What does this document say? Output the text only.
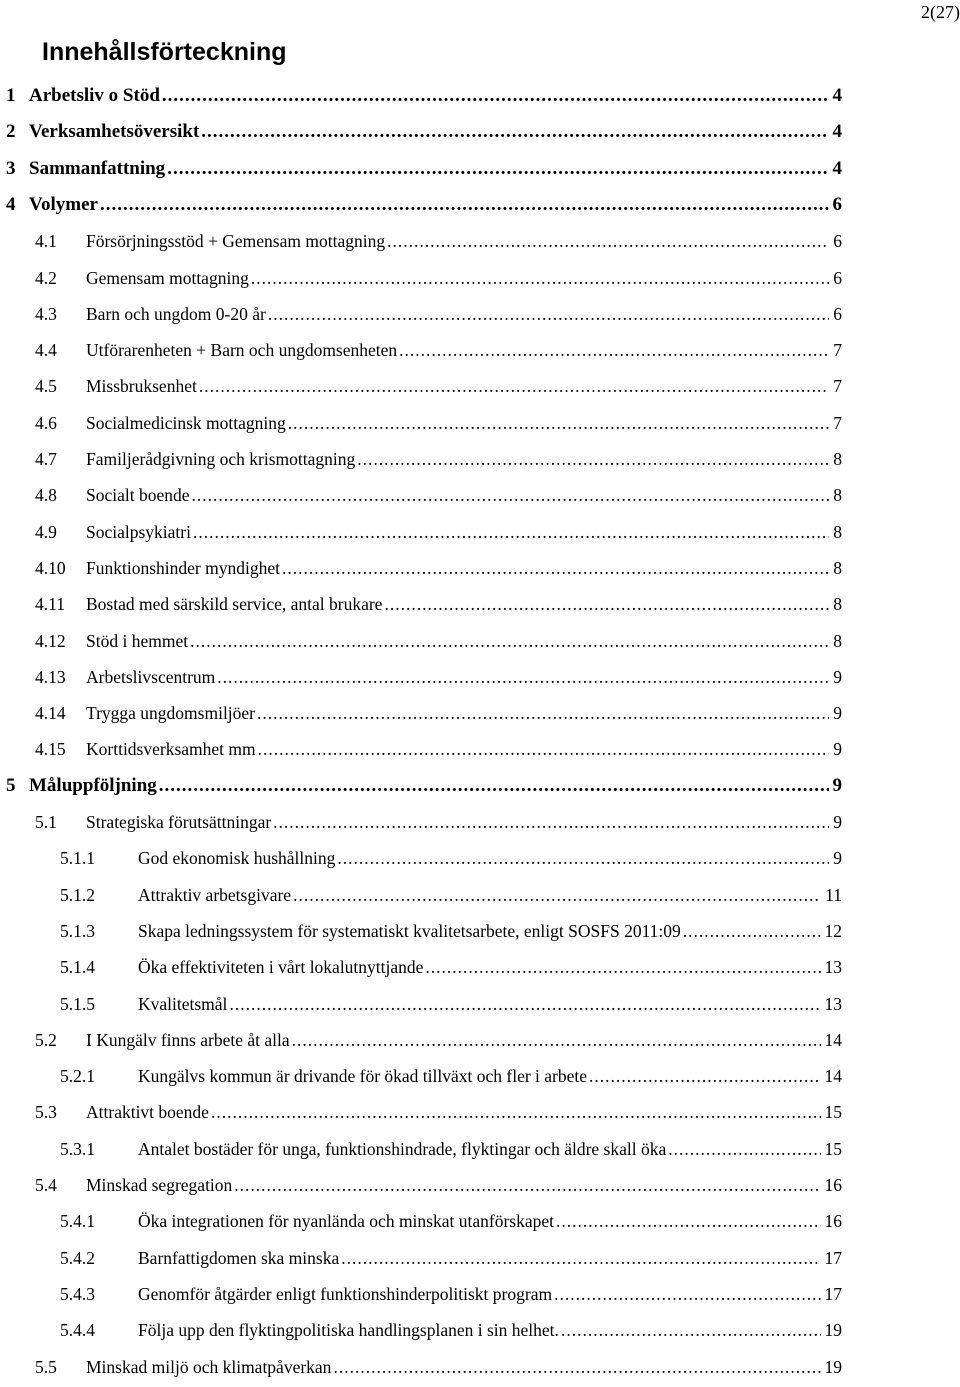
2(27)
Innehållsförteckning
1 Arbetsliv o Stöd .....	4
2 Verksamhetsöversikt .....	4
3 Sammanfattning .....	4
4 Volymer .....	6
4.1 Försörjningsstöd + Gemensam mottagning .....	6
4.2 Gemensam mottagning .....	6
4.3 Barn och ungdom 0-20 år .....	6
4.4 Utförarenheten + Barn och ungdomsenheten .....	7
4.5 Missbruksenhet .....	7
4.6 Socialmedicinsk mottagning .....	7
4.7 Familjerådgivning och krismottagning .....	8
4.8 Socialt boende .....	8
4.9 Socialpsykiatri .....	8
4.10 Funktionshinder myndighet .....	8
4.11 Bostad med särskild service, antal brukare .....	8
4.12 Stöd i hemmet .....	8
4.13 Arbetslivscentrum .....	9
4.14 Trygga ungdomsmiljöer .....	9
4.15 Korttidsverksamhet mm .....	9
5 Måluppföljning .....	9
5.1 Strategiska förutsättningar .....	9
5.1.1 God ekonomisk hushållning .....	9
5.1.2 Attraktiv arbetsgivare .....	11
5.1.3 Skapa ledningssystem för systematiskt kvalitetsarbete, enligt SOSFS 2011:09 .....	12
5.1.4 Öka effektiviteten i vårt lokalutnyttjande .....	13
5.1.5 Kvalitetsmål .....	13
5.2 I Kungälv finns arbete åt alla .....	14
5.2.1 Kungälvs kommun är drivande för ökad tillväxt och fler i arbete .....	14
5.3 Attraktivt boende .....	15
5.3.1 Antalet bostäder för unga, funktionshindrade, flyktingar och äldre skall öka .....	15
5.4 Minskad segregation .....	16
5.4.1 Öka integrationen för nyanlända och minskat utanförskapet .....	16
5.4.2 Barnfattigdomen ska minska .....	17
5.4.3 Genomför åtgärder enligt funktionshinderpolitiskt program .....	17
5.4.4 Följa upp den flyktingpolitiska handlingsplanen i sin helhet. .....	19
5.5 Minskad miljö och klimatpåverkan .....	19
